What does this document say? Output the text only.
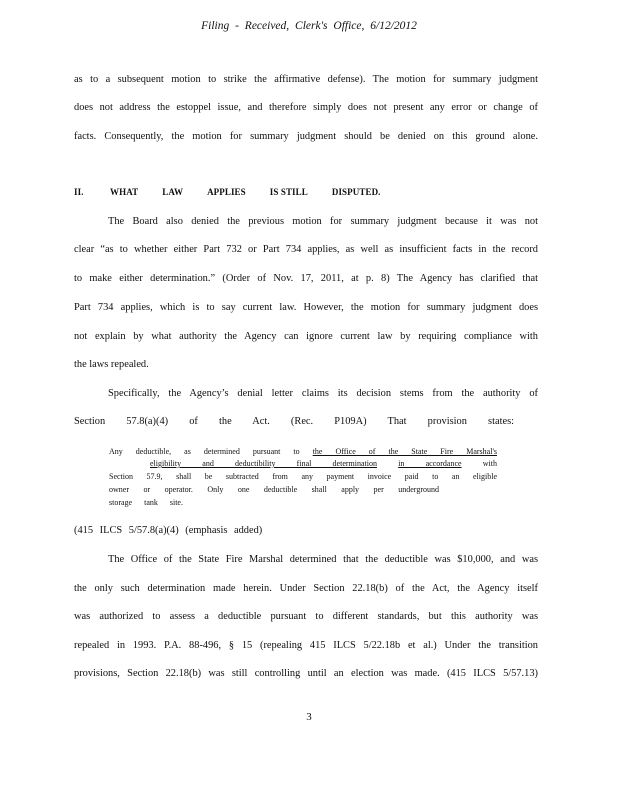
Filing - Received, Clerk's Office, 6/12/2012
as to a subsequent motion to strike the affirmative defense). The motion for summary judgment
does not address the estoppel issue, and therefore simply does not present any error or change of
facts. Consequently, the motion for summary judgment should be denied on this ground alone.
II.	WHAT	LAW	APPLIES	IS STILL	DISPUTED.
The Board also denied the previous motion for summary judgment because it was not
clear “as to whether either Part 732 or Part 734 applies, as well as insufficient facts in the record
to make either determination.” (Order of Nov. 17, 2011, at p. 8) The Agency has clarified that
Part 734 applies, which is to say current law. However, the motion for summary judgment does
not explain by what authority the Agency can ignore current law by requiring compliance with
the laws repealed.
Specifically, the Agency’s denial letter claims its decision stems from the authority of
Section 57.8(a)(4) of the Act. (Rec. P109A) That provision states:
Any deductible, as determined pursuant to the Office of the State Fire Marshal's
eligibility and deductibility final determination	in accordance	with
Section 57.9, shall be subtracted from any payment invoice paid to an eligible
owner or operator. Only one deductible shall apply per underground
storage tank site.
(415 ILCS 5/57.8(a)(4) (emphasis added)
The Office of the State Fire Marshal determined that the deductible was $10,000, and was
the only such determination made herein. Under Section 22.18(b) of the Act, the Agency itself
was authorized to assess a deductible pursuant to different standards, but this authority was
repealed in 1993. P.A. 88-496, § 15 (repealing 415 ILCS 5/22.18b et al.) Under the transition
provisions, Section 22.18(b) was still controlling until an election was made. (415 ILCS 5/57.13)
3
